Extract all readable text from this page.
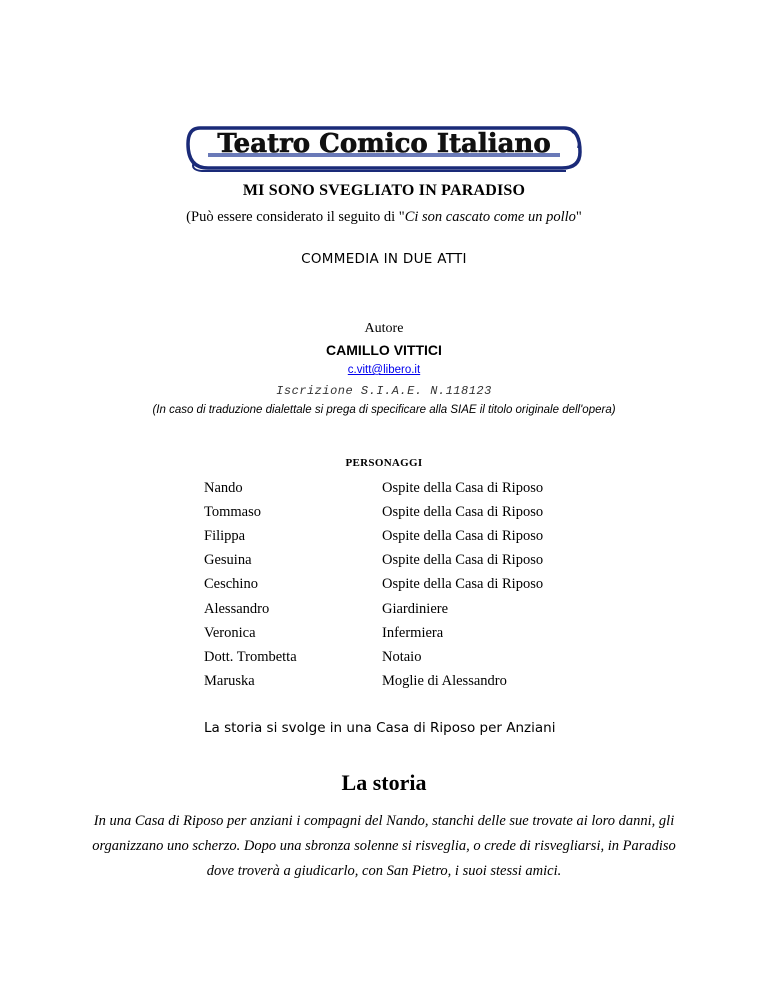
Teatro Comico Italiano
MI SONO SVEGLIATO IN PARADISO
(Può essere considerato il seguito di "Ci son cascato come un pollo"
COMMEDIA IN DUE ATTI
Autore
CAMILLO VITTICI
c.vitt@libero.it
Iscrizione S.I.A.E. N.118123
(In caso di traduzione dialettale si prega di specificare alla SIAE il titolo originale dell'opera)
PERSONAGGI
Nando	Ospite della Casa di Riposo
Tommaso	Ospite della Casa di Riposo
Filippa	Ospite della Casa di Riposo
Gesuina	Ospite della Casa di Riposo
Ceschino	Ospite della Casa di Riposo
Alessandro	Giardiniere
Veronica	Infermiera
Dott. Trombetta	Notaio
Maruska	Moglie di Alessandro
La storia si svolge in una Casa di Riposo per Anziani
La storia
In una Casa di Riposo per anziani i compagni del Nando, stanchi delle sue trovate ai loro danni, gli
organizzano uno scherzo. Dopo una sbronza solenne si risveglia, o crede di risvegliarsi, in Paradiso
dove troverà a giudicarlo, con San Pietro, i suoi stessi amici.
